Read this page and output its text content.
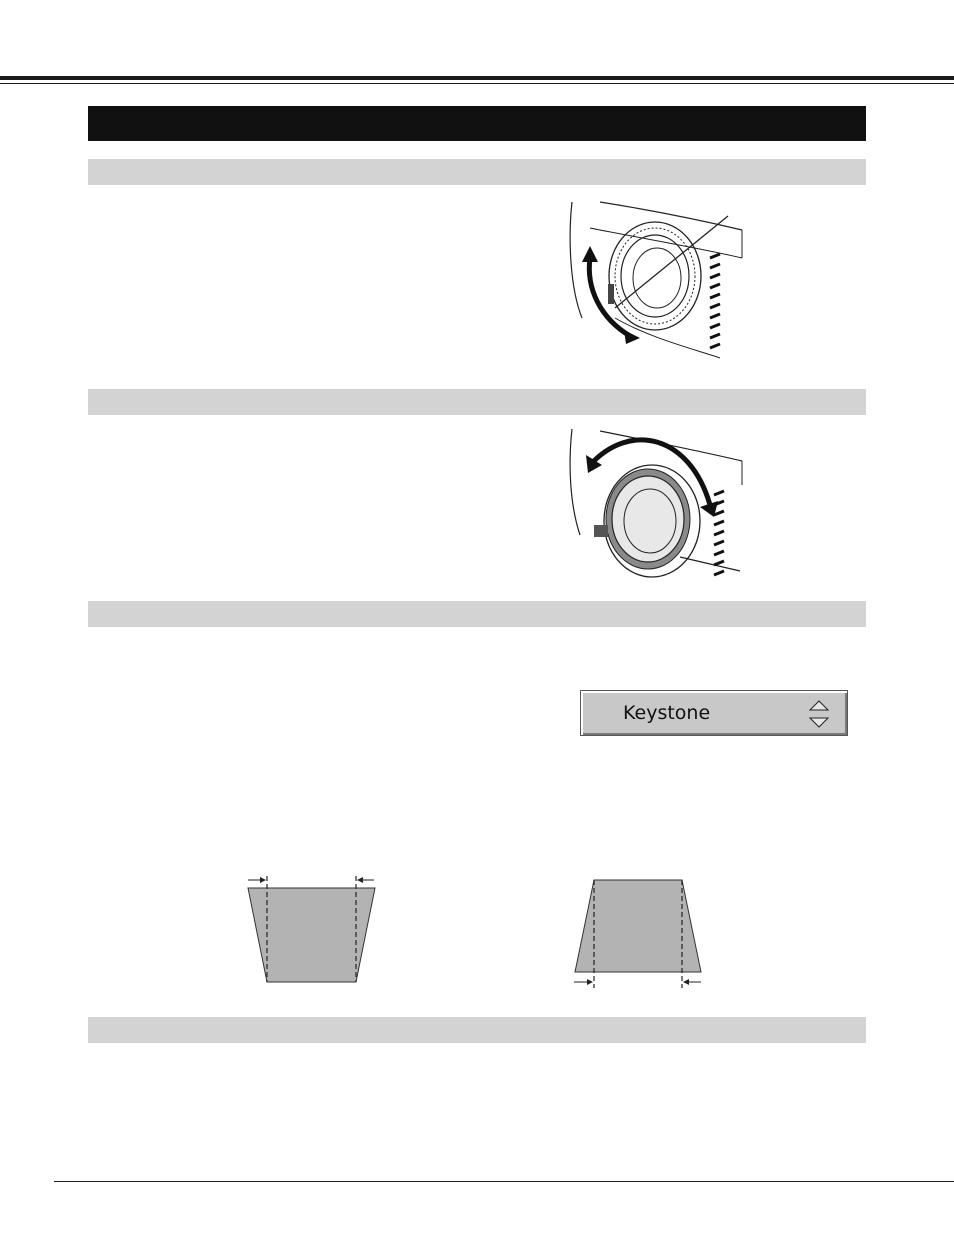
Keystone
